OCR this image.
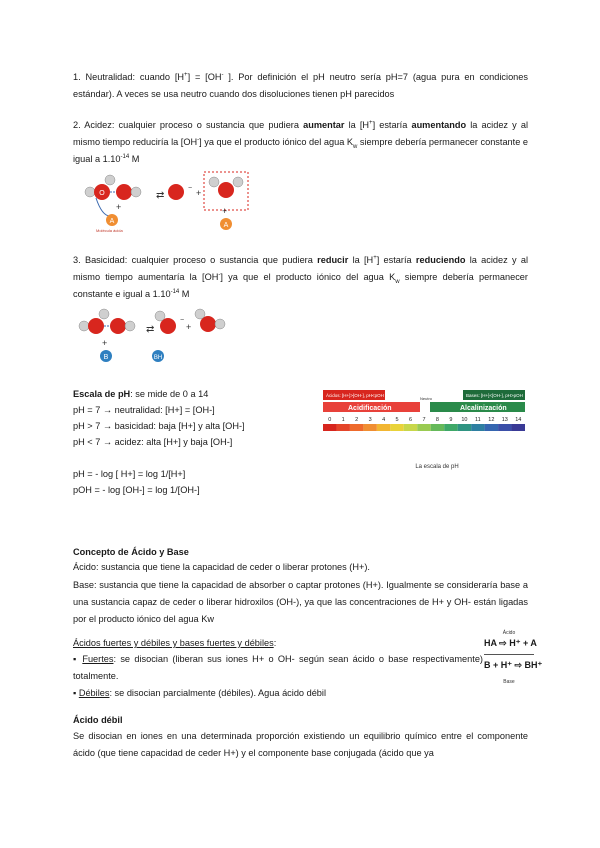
1. Neutralidad: cuando [H+] = [OH- ]. Por definición el pH neutro sería pH=7 (agua pura en condiciones estándar). A veces se usa neutro cuando dos disoluciones tienen pH parecidos
2. Acidez: cualquier proceso o sustancia que pudiera aumentar la [H+] estaría aumentando la acidez y al mismo tiempo reduciría la [OH-] ya que el producto iónico del agua $K_w$ siempre debería permanecer constante e igual a $1.10^{-14}$ M
O
A
+
Molécula ácida
⇄
− +
+
A
3. Basicidad: cualquier proceso o sustancia que pudiera reducir la [H+] estaría reduciendo la acidez y al mismo tiempo aumentaría la [OH-] ya que el producto iónico del agua $K_w$ siempre debería permanecer constante e igual a $1.10^{-14}$ M
+
B
⇄
−
+
BH
Escala de pH: se mide de 0 a 14
pH = 7 → neutralidad: [H+] = [OH-]
pH > 7 → basicidad: baja [H+] y alta [OH-]
pH < 7 → acidez: alta [H+] y baja [OH-]
pH = - log [ H+] = log 1/[H+]
pOH = - log [OH-] = log 1/[OH-]
Ácidos: [H+]>[OH-], pH<pOH	Bases: [H+]<[OH-], pH>pOH
Acidificación	Alcalinización
Neutro
0 1 2 3 4 5 6 7 8 9 10 11 12 13 14
La escala de pH
Concepto de Ácido y Base
Ácido: sustancia que tiene la capacidad de ceder o liberar protones (H+).
Base: sustancia que tiene la capacidad de absorber o captar protones (H+). Igualmente se consideraría base a una sustancia capaz de ceder o liberar hidroxilos (OH-), ya que las concentraciones de H+ y OH- están ligadas por el producto iónico del agua Kw
Ácidos fuertes y débiles y bases fuertes y débiles:
▪ Fuertes: se disocian (liberan sus iones H+ o OH- según sean ácido o base respectivamente) totalmente.
▪ Débiles: se disocian parcialmente (débiles). Agua ácido débil
Ácido
HA ⇨ H⁺ + A
B + H⁺ ⇨ BH⁺
Base
Ácido débil
Se disocian en iones en una determinada proporción existiendo un equilibrio químico entre el componente ácido (que tiene capacidad de ceder H+) y el componente base conjugada (ácido que ya
